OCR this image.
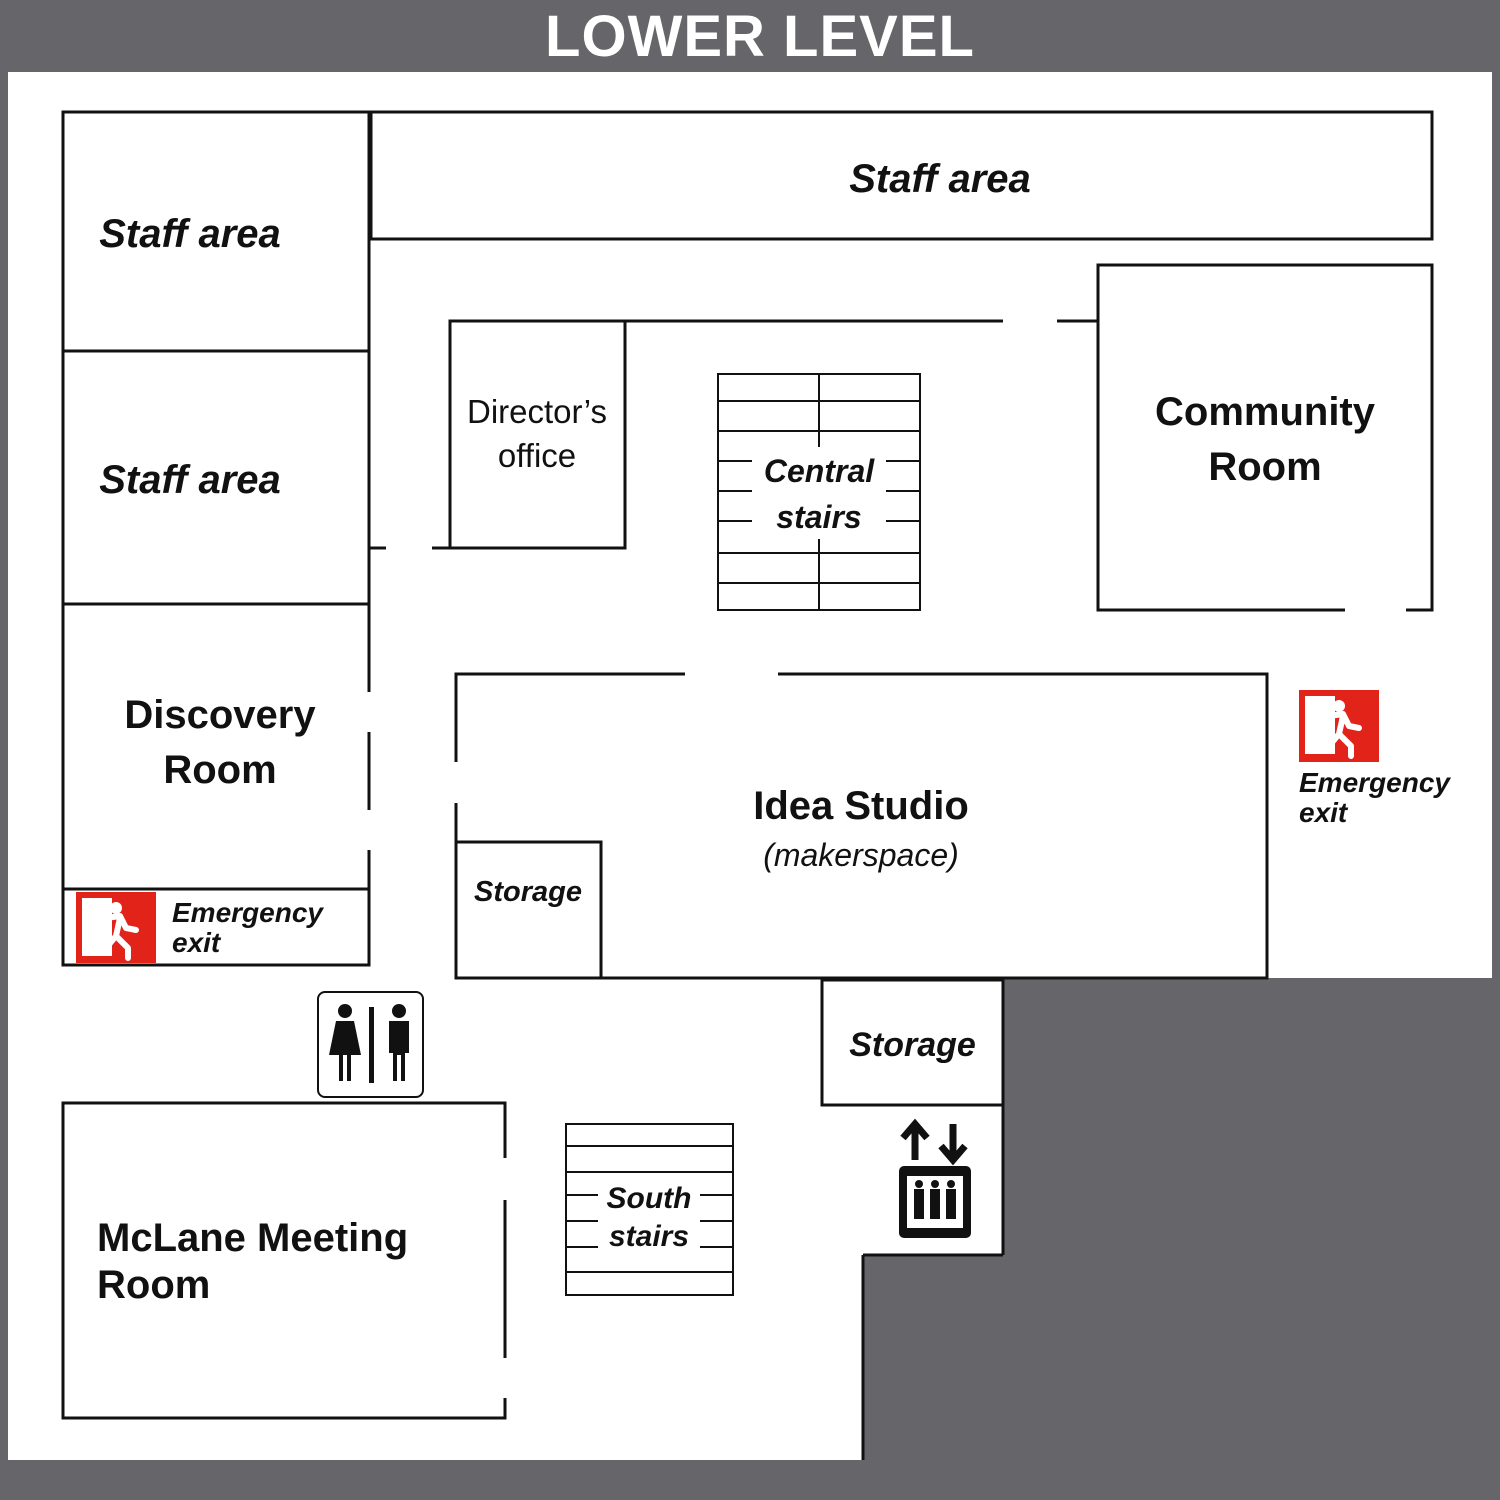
LOWER LEVEL
Staff area
Staff area
Staff area
Director’s office	Central stairs
Community Room
Discovery Room
Idea Studio
(makerspace)
Storage
Storage
South stairs
McLane Meeting Room
Emergency exit
Emergency exit
